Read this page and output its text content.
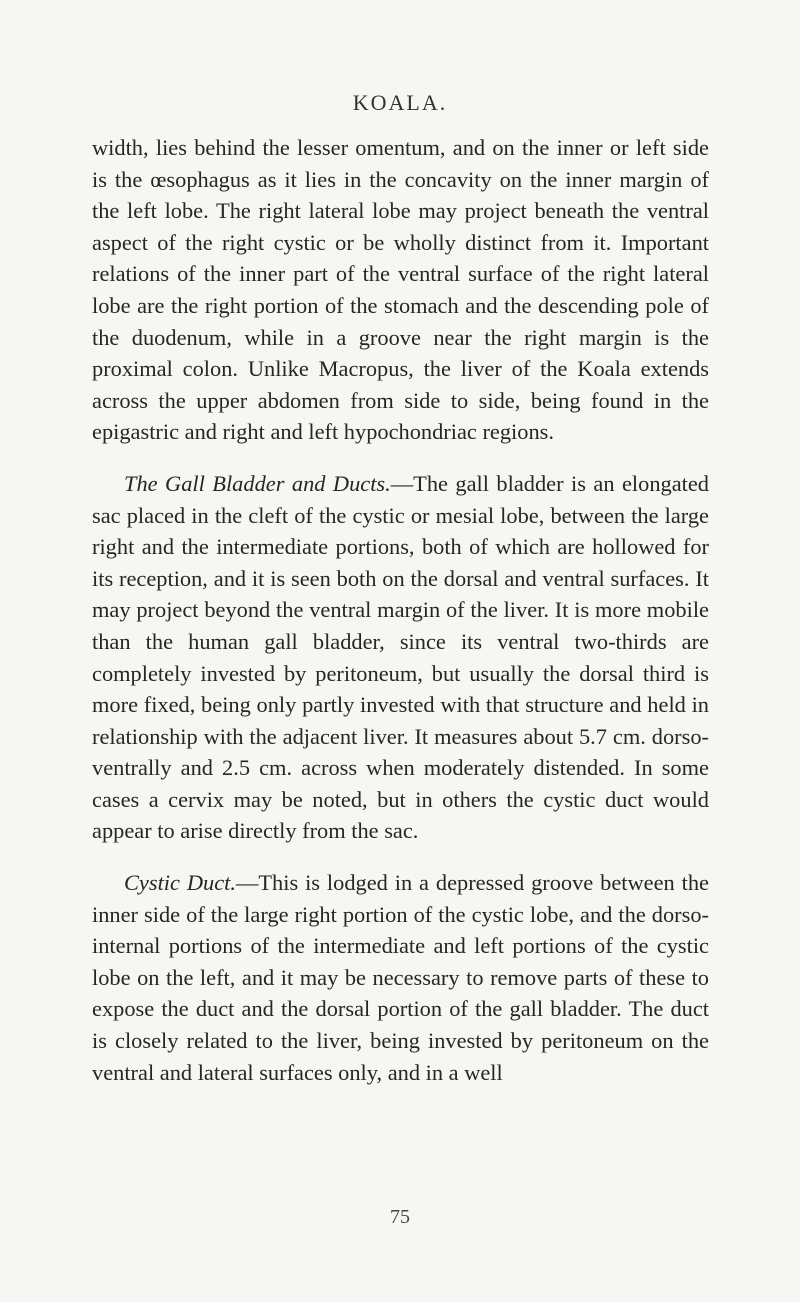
KOALA.

width, lies behind the lesser omentum, and on the inner or left side is the œsophagus as it lies in the concavity on the inner margin of the left lobe. The right lateral lobe may project beneath the ventral aspect of the right cystic or be wholly distinct from it. Important relations of the inner part of the ventral surface of the right lateral lobe are the right portion of the stomach and the descending pole of the duodenum, while in a groove near the right margin is the proximal colon. Unlike Macropus, the liver of the Koala extends across the upper abdomen from side to side, being found in the epigastric and right and left hypochondriac regions.

The Gall Bladder and Ducts.—The gall bladder is an elongated sac placed in the cleft of the cystic or mesial lobe, between the large right and the intermediate portions, both of which are hollowed for its reception, and it is seen both on the dorsal and ventral surfaces. It may project beyond the ventral margin of the liver. It is more mobile than the human gall bladder, since its ventral two-thirds are completely invested by peritoneum, but usually the dorsal third is more fixed, being only partly invested with that structure and held in relationship with the adjacent liver. It measures about 5.7 cm. dorso-ventrally and 2.5 cm. across when moderately distended. In some cases a cervix may be noted, but in others the cystic duct would appear to arise directly from the sac.

Cystic Duct.—This is lodged in a depressed groove between the inner side of the large right portion of the cystic lobe, and the dorso-internal portions of the intermediate and left portions of the cystic lobe on the left, and it may be necessary to remove parts of these to expose the duct and the dorsal portion of the gall bladder. The duct is closely related to the liver, being invested by peritoneum on the ventral and lateral surfaces only, and in a well

75
